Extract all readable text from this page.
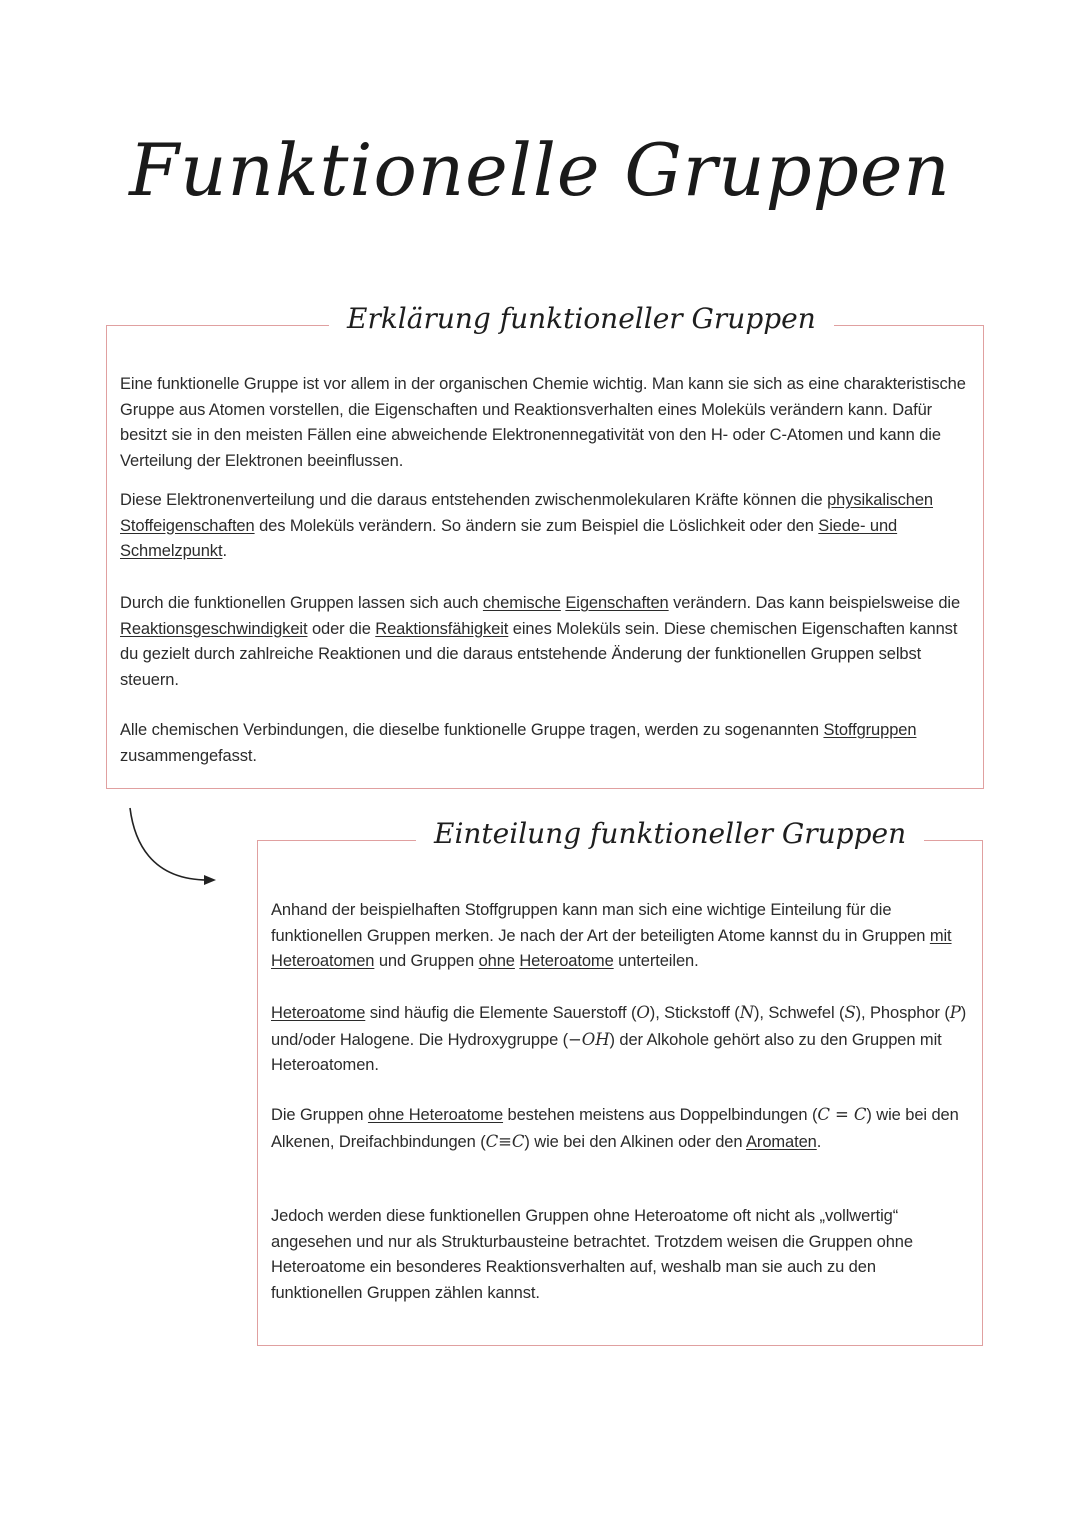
Funktionelle Gruppen
Erklärung funktioneller Gruppen
Eine funktionelle Gruppe ist vor allem in der organischen Chemie wichtig. Man kann sie sich as eine charakteristische Gruppe aus Atomen vorstellen, die Eigenschaften und Reaktionsverhalten eines Moleküls verändern kann. Dafür besitzt sie in den meisten Fällen eine abweichende Elektronennegativität von den H- oder C-Atomen und kann die Verteilung der Elektronen beeinflussen.
Diese Elektronenverteilung und die daraus entstehenden zwischenmolekularen Kräfte können die physikalischen Stoffeigenschaften des Moleküls verändern. So ändern sie zum Beispiel die Löslichkeit oder den Siede- und Schmelzpunkt.
Durch die funktionellen Gruppen lassen sich auch chemische Eigenschaften verändern. Das kann beispielsweise die Reaktionsgeschwindigkeit oder die Reaktionsfähigkeit eines Moleküls sein. Diese chemischen Eigenschaften kannst du gezielt durch zahlreiche Reaktionen und die daraus entstehende Änderung der funktionellen Gruppen selbst steuern.
Alle chemischen Verbindungen, die dieselbe funktionelle Gruppe tragen, werden zu sogenannten Stoffgruppen zusammengefasst.
Einteilung funktioneller Gruppen
Anhand der beispielhaften Stoffgruppen kann man sich eine wichtige Einteilung für die funktionellen Gruppen merken. Je nach der Art der beteiligten Atome kannst du in Gruppen mit Heteroatomen und Gruppen ohne Heteroatome unterteilen.
Heteroatome sind häufig die Elemente Sauerstoff (O), Stickstoff (N), Schwefel (S), Phosphor (P) und/oder Halogene. Die Hydroxygruppe (−OH) der Alkohole gehört also zu den Gruppen mit Heteroatomen.
Die Gruppen ohne Heteroatome bestehen meistens aus Doppelbindungen (C = C) wie bei den Alkenen, Dreifachbindungen (C≡C) wie bei den Alkinen oder den Aromaten.
Jedoch werden diese funktionellen Gruppen ohne Heteroatome oft nicht als „vollwertig“ angesehen und nur als Strukturbausteine betrachtet. Trotzdem weisen die Gruppen ohne Heteroatome ein besonderes Reaktionsverhalten auf, weshalb man sie auch zu den funktionellen Gruppen zählen kannst.
